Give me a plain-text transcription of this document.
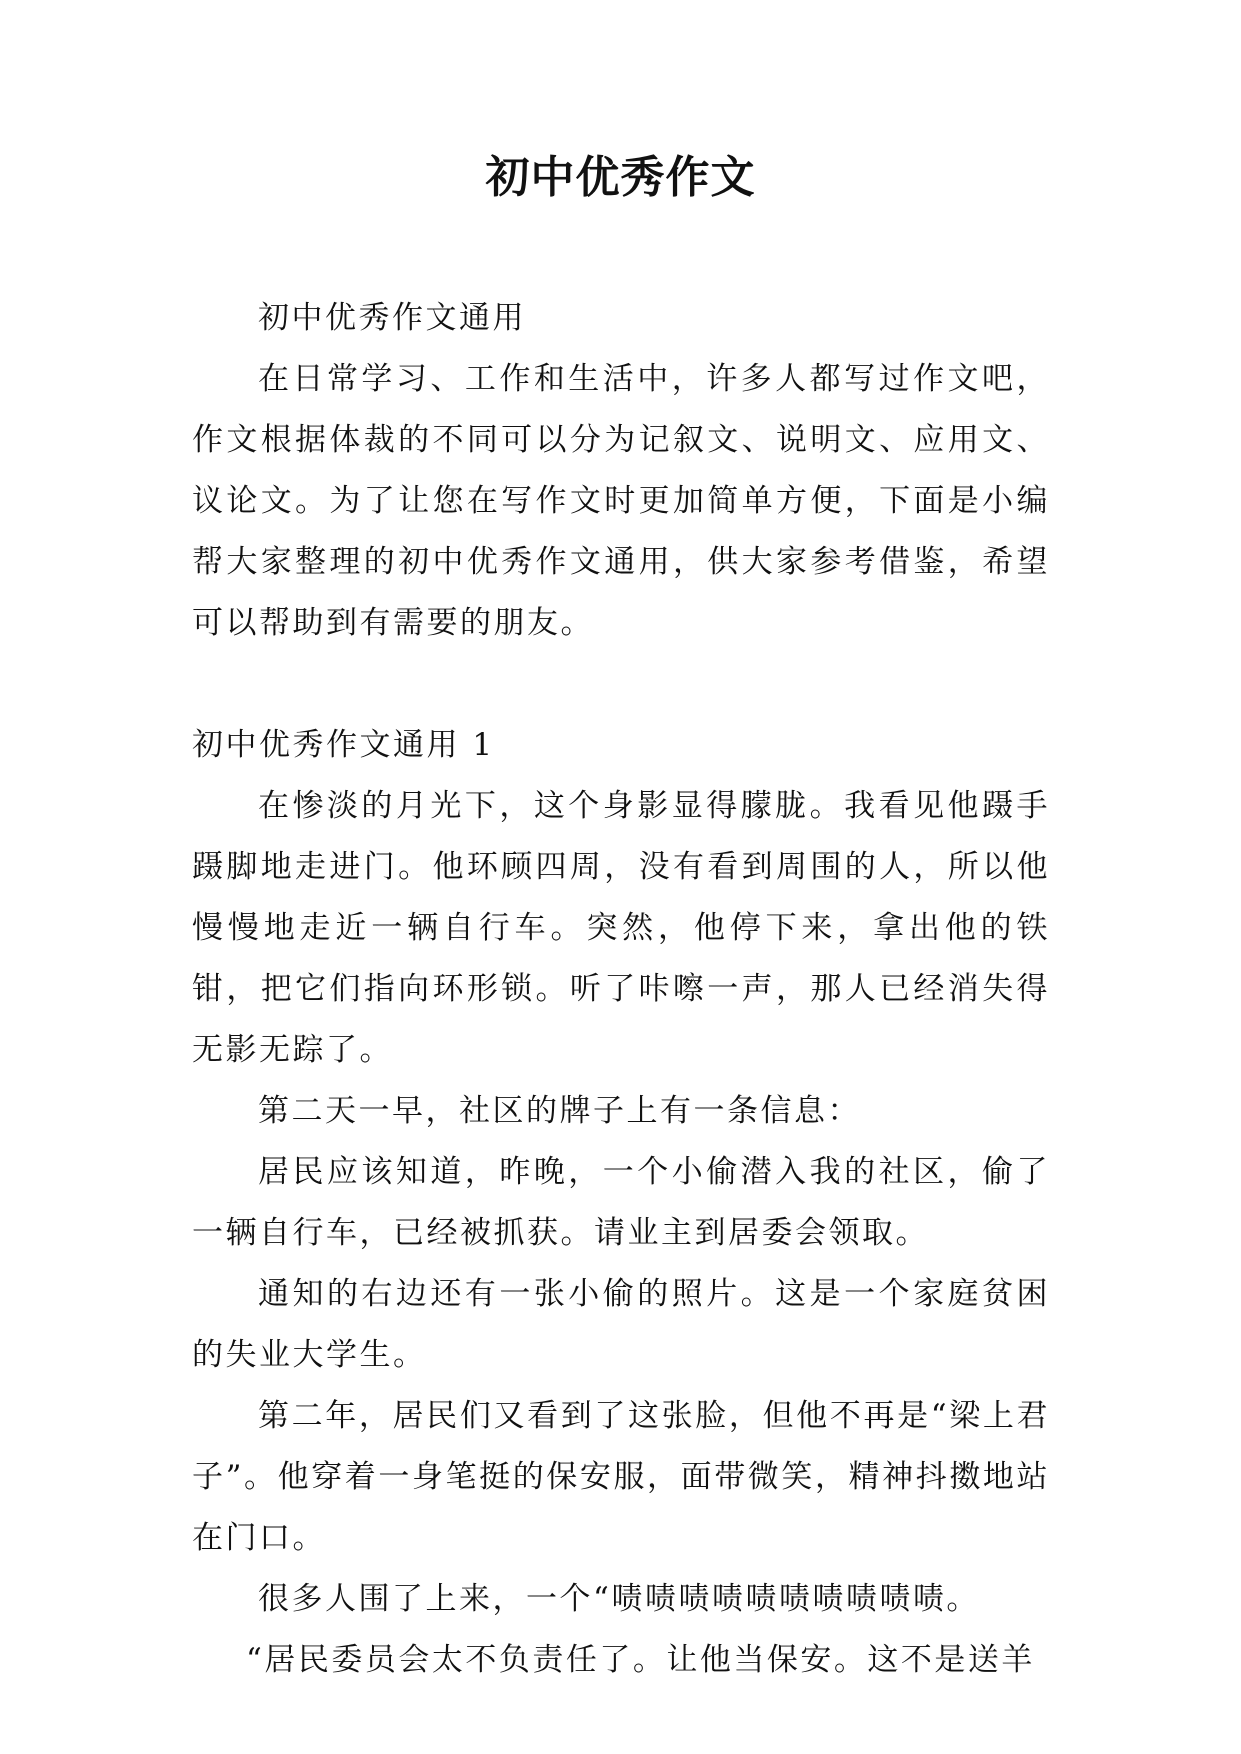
初中优秀作文

初中优秀作文通用

在日常学习、工作和生活中，许多人都写过作文吧，作文根据体裁的不同可以分为记叙文、说明文、应用文、议论文。为了让您在写作文时更加简单方便，下面是小编帮大家整理的初中优秀作文通用，供大家参考借鉴，希望可以帮助到有需要的朋友。

初中优秀作文通用 1

在惨淡的月光下，这个身影显得朦胧。我看见他蹑手蹑脚地走进门。他环顾四周，没有看到周围的人，所以他慢慢地走近一辆自行车。突然，他停下来，拿出他的铁钳，把它们指向环形锁。听了咔嚓一声，那人已经消失得无影无踪了。

第二天一早，社区的牌子上有一条信息：

居民应该知道，昨晚，一个小偷潜入我的社区，偷了一辆自行车，已经被抓获。请业主到居委会领取。

通知的右边还有一张小偷的照片。这是一个家庭贫困的失业大学生。

第二年，居民们又看到了这张脸，但他不再是“梁上君子”。他穿着一身笔挺的保安服，面带微笑，精神抖擞地站在门口。

很多人围了上来，一个“啧啧啧啧啧啧啧啧啧啧。

“居民委员会太不负责任了。让他当保安。这不是送羊
